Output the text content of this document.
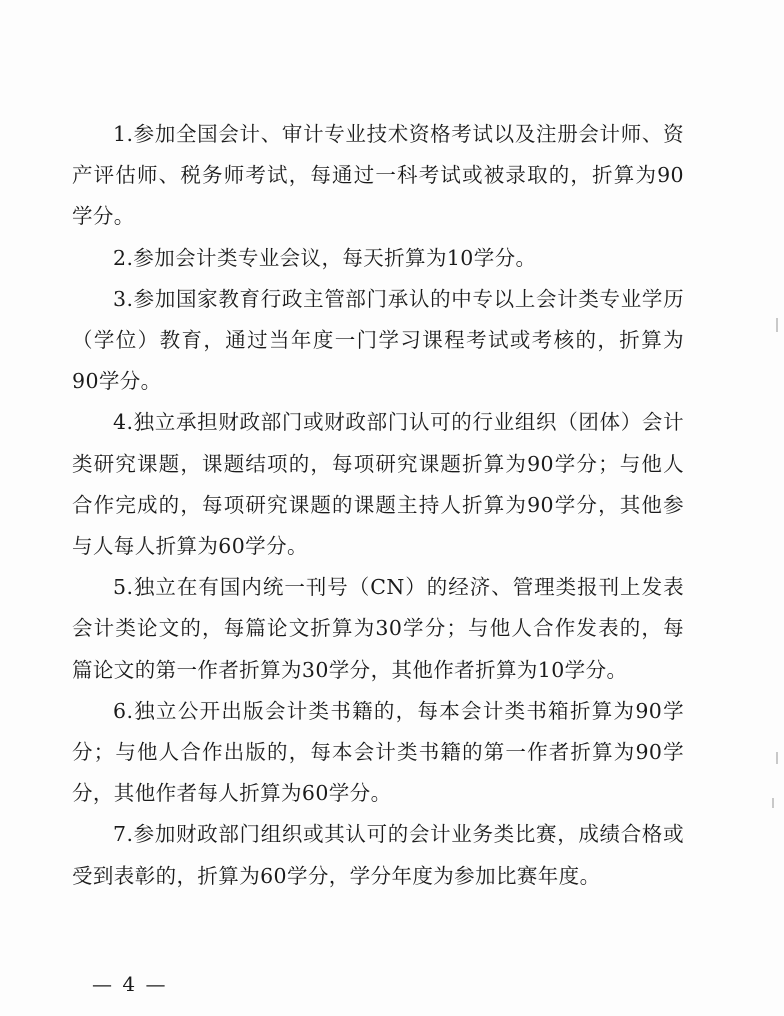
1.参加全国会计、审计专业技术资格考试以及注册会计师、资产评估师、税务师考试，每通过一科考试或被录取的，折算为90学分。

2.参加会计类专业会议，每天折算为10学分。

3.参加国家教育行政主管部门承认的中专以上会计类专业学历（学位）教育，通过当年度一门学习课程考试或考核的，折算为90学分。

4.独立承担财政部门或财政部门认可的行业组织（团体）会计类研究课题，课题结项的，每项研究课题折算为90学分；与他人合作完成的，每项研究课题的课题主持人折算为90学分，其他参与人每人折算为60学分。

5.独立在有国内统一刊号（CN）的经济、管理类报刊上发表会计类论文的，每篇论文折算为30学分；与他人合作发表的，每篇论文的第一作者折算为30学分，其他作者折算为10学分。

6.独立公开出版会计类书籍的，每本会计类书箱折算为90学分；与他人合作出版的，每本会计类书籍的第一作者折算为90学分，其他作者每人折算为60学分。

7.参加财政部门组织或其认可的会计业务类比赛，成绩合格或受到表彰的，折算为60学分，学分年度为参加比赛年度。

— 4 —
